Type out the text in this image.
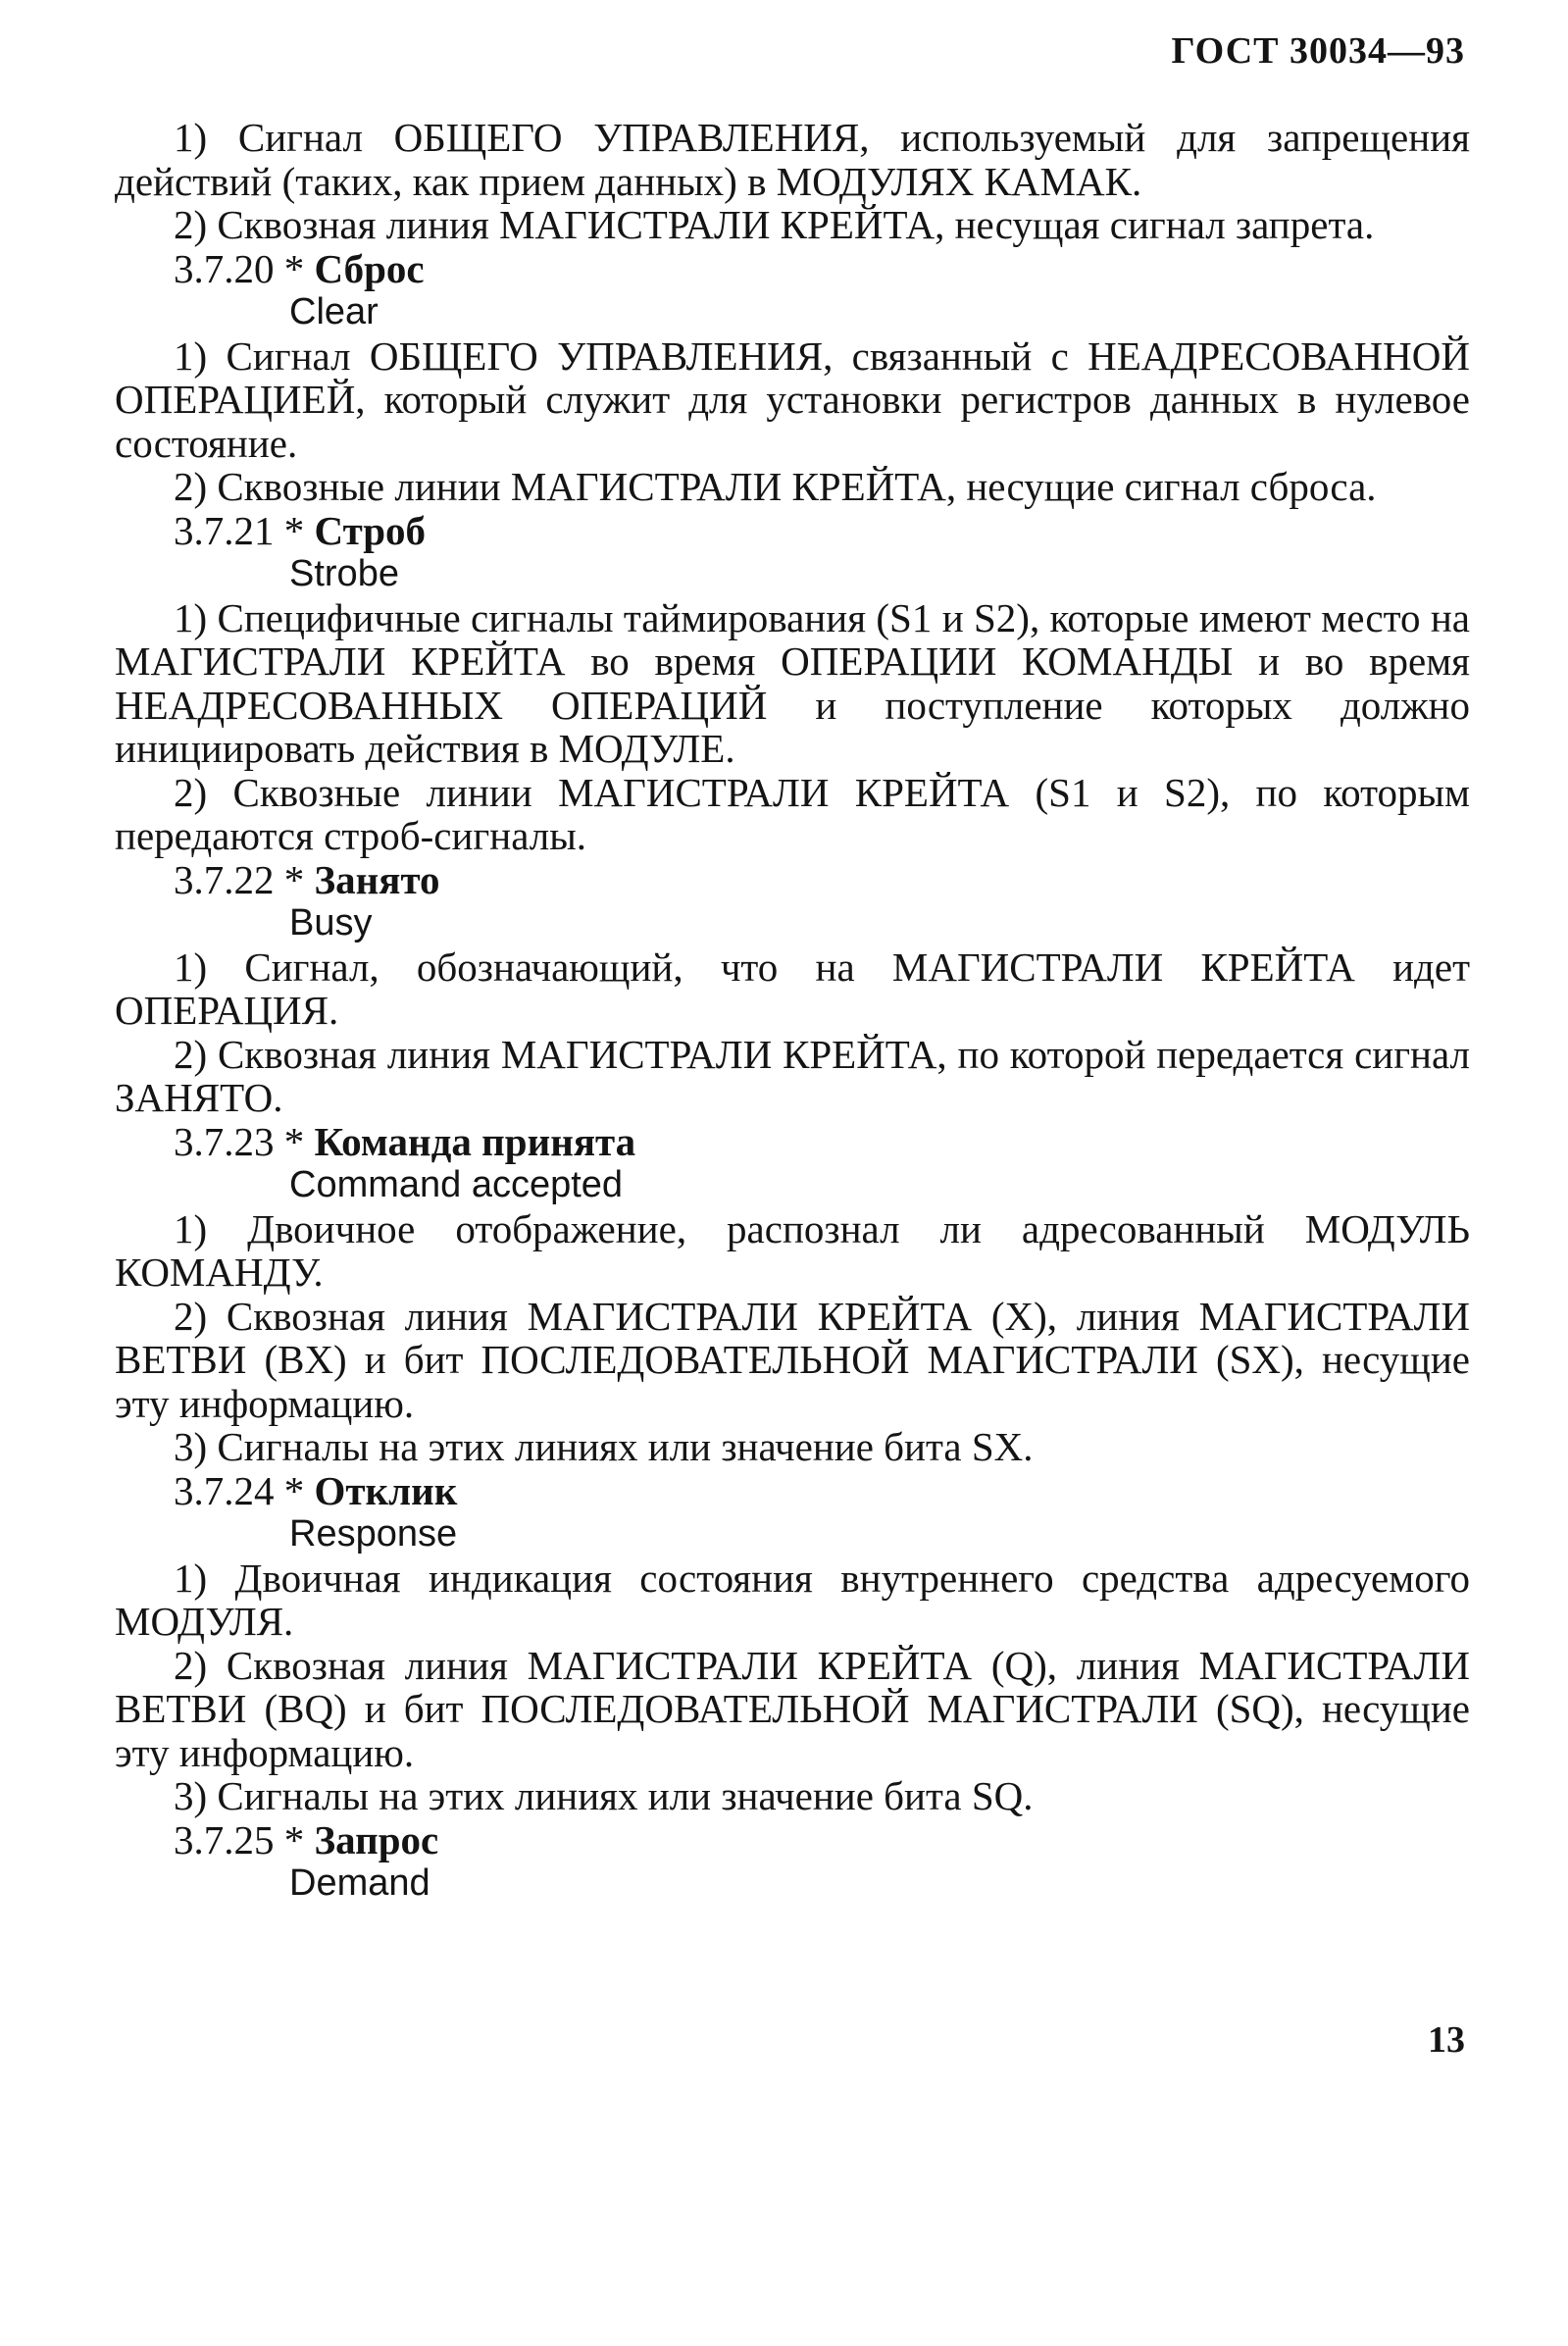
ГОСТ 30034—93

1) Сигнал ОБЩЕГО УПРАВЛЕНИЯ, используемый для запрещения действий (таких, как прием данных) в МОДУЛЯХ КАМАК.

2) Сквозная линия МАГИСТРАЛИ КРЕЙТА, несущая сигнал запрета.

3.7.20 * Сброс

Clear

1) Сигнал ОБЩЕГО УПРАВЛЕНИЯ, связанный с НЕАДРЕСОВАННОЙ ОПЕРАЦИЕЙ, который служит для установки регистров данных в нулевое состояние.

2) Сквозные линии МАГИСТРАЛИ КРЕЙТА, несущие сигнал сброса.

3.7.21 * Строб

Strobe

1) Специфичные сигналы таймирования (S1 и S2), которые имеют место на МАГИСТРАЛИ КРЕЙТА во время ОПЕРАЦИИ КОМАНДЫ и во время НЕАДРЕСОВАННЫХ ОПЕРАЦИЙ и поступление которых должно инициировать действия в МОДУЛЕ.

2) Сквозные линии МАГИСТРАЛИ КРЕЙТА (S1 и S2), по которым передаются строб-сигналы.

3.7.22 * Занято

Busy

1) Сигнал, обозначающий, что на МАГИСТРАЛИ КРЕЙТА идет ОПЕРАЦИЯ.

2) Сквозная линия МАГИСТРАЛИ КРЕЙТА, по которой передается сигнал ЗАНЯТО.

3.7.23 * Команда принята

Command accepted

1) Двоичное отображение, распознал ли адресованный МОДУЛЬ КОМАНДУ.

2) Сквозная линия МАГИСТРАЛИ КРЕЙТА (X), линия МАГИСТРАЛИ ВЕТВИ (BX) и бит ПОСЛЕДОВАТЕЛЬНОЙ МАГИСТРАЛИ (SX), несущие эту информацию.

3) Сигналы на этих линиях или значение бита SX.

3.7.24 * Отклик

Response

1) Двоичная индикация состояния внутреннего средства адресуемого МОДУЛЯ.

2) Сквозная линия МАГИСТРАЛИ КРЕЙТА (Q), линия МАГИСТРАЛИ ВЕТВИ (BQ) и бит ПОСЛЕДОВАТЕЛЬНОЙ МАГИСТРАЛИ (SQ), несущие эту информацию.

3) Сигналы на этих линиях или значение бита SQ.

3.7.25 * Запрос

Demand

13
